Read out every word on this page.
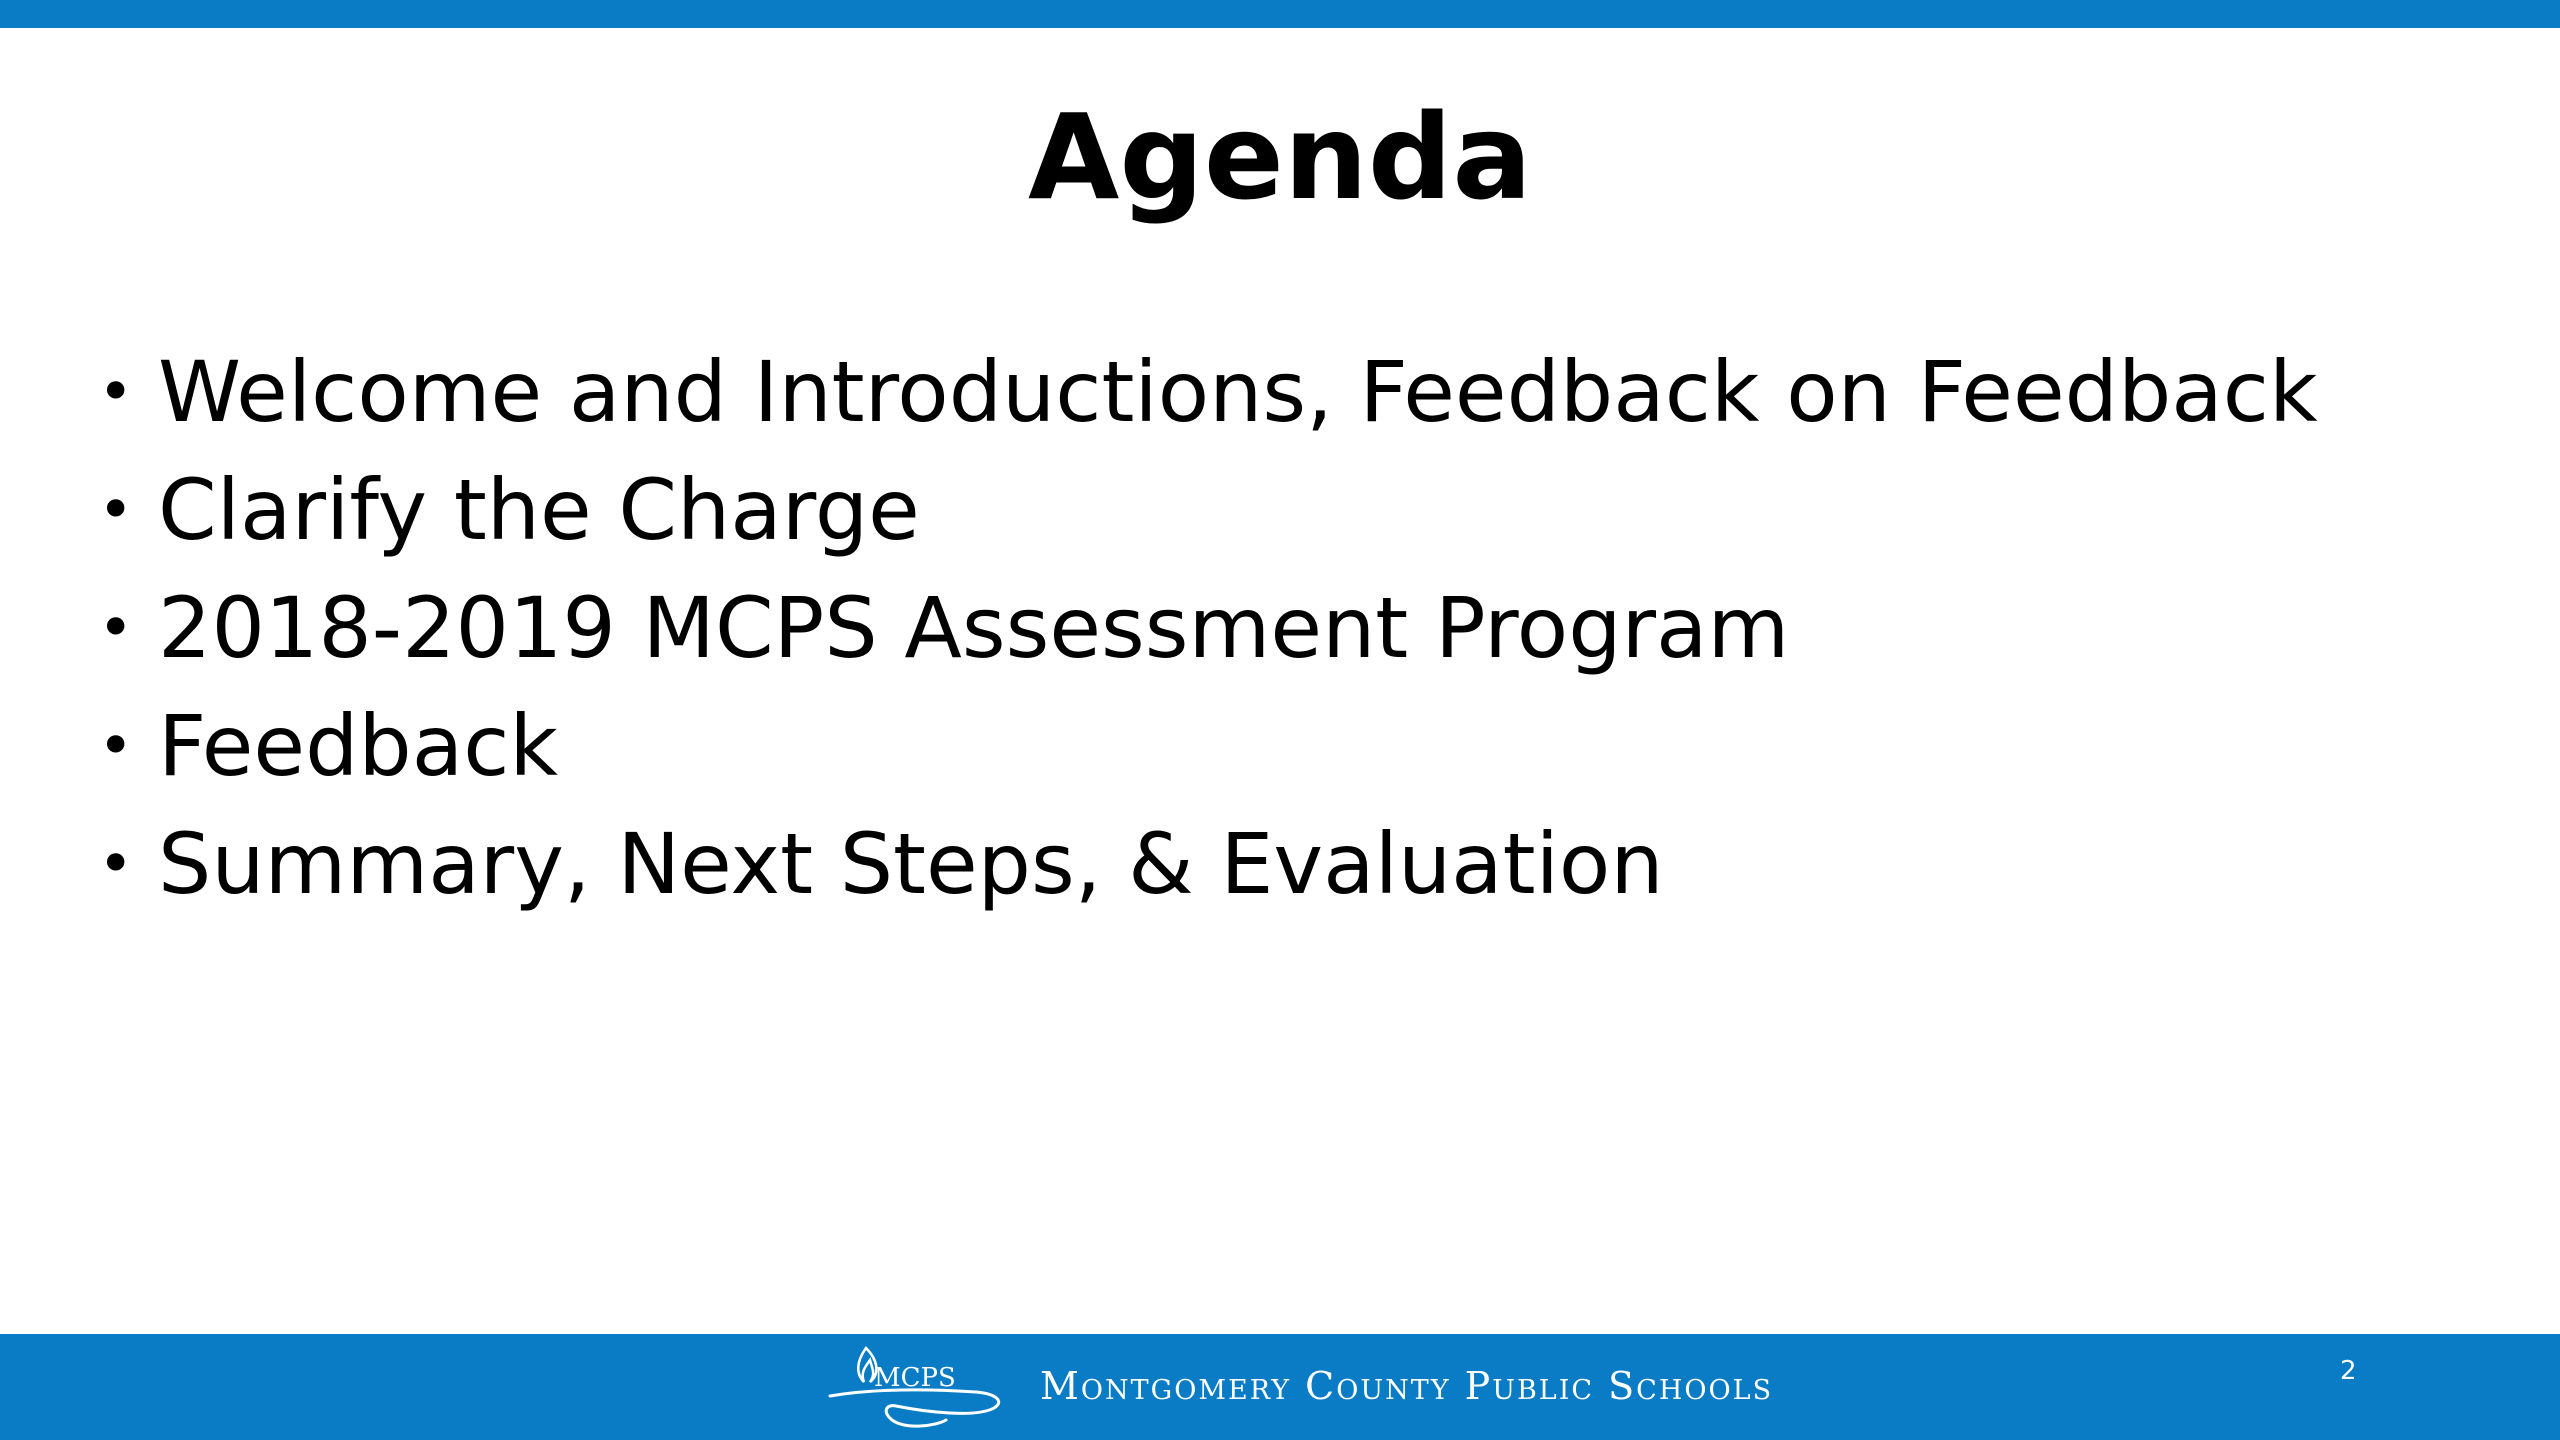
Agenda
• Welcome and Introductions, Feedback on Feedback
• Clarify the Charge
• 2018-2019 MCPS Assessment Program
• Feedback
• Summary, Next Steps, & Evaluation
MCPS Montgomery County Public Schools	2
